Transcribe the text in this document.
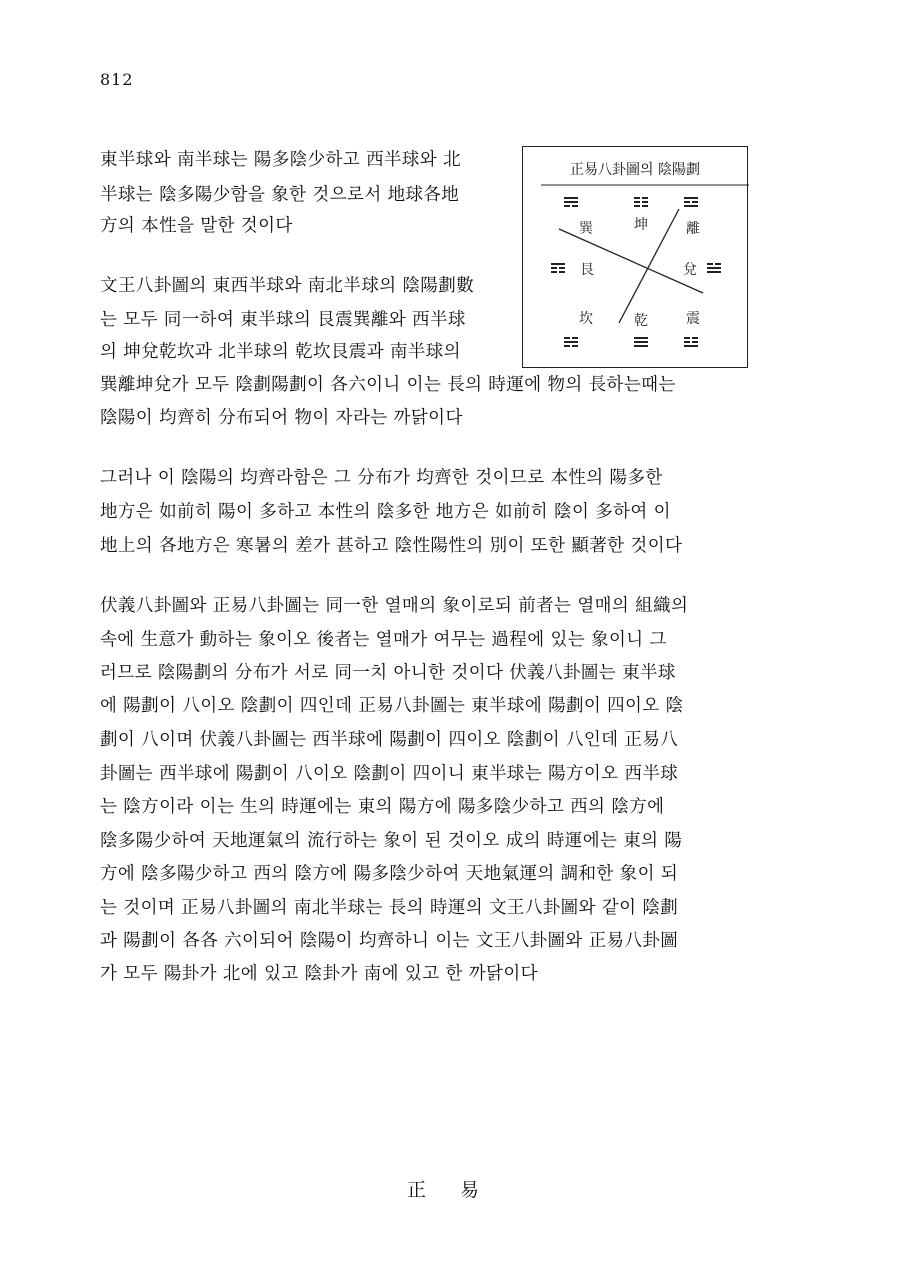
812
東半球와 南半球는 陽多陰少하고 西半球와 北
半球는 陰多陽少함을 象한 것으로서 地球各地
方의 本性을 말한 것이다
文王八卦圖의 東西半球와 南北半球의 陰陽劃數
는 모두 同一하여 東半球의 艮震巽離와 西半球
의 坤兌乾坎과 北半球의 乾坎艮震과 南半球의
巽離坤兌가 모두 陰劃陽劃이 各六이니 이는 長의 時運에 物의 長하는때는
陰陽이 均齊히 分布되어 物이 자라는 까닭이다
그러나 이 陰陽의 均齊라함은 그 分布가 均齊한 것이므로 本性의 陽多한
地方은 如前히 陽이 多하고 本性의 陰多한 地方은 如前히 陰이 多하여 이
地上의 各地方은 寒暑의 差가 甚하고 陰性陽性의 別이 또한 顯著한 것이다
伏義八卦圖와 正易八卦圖는 同一한 열매의 象이로되 前者는 열매의 組織의
속에 生意가 動하는 象이오 後者는 열매가 여무는 過程에 있는 象이니 그
러므로 陰陽劃의 分布가 서로 同一치 아니한 것이다 伏義八卦圖는 東半球
에 陽劃이 八이오 陰劃이 四인데 正易八卦圖는 東半球에 陽劃이 四이오 陰
劃이 八이며 伏義八卦圖는 西半球에 陽劃이 四이오 陰劃이 八인데 正易八
卦圖는 西半球에 陽劃이 八이오 陰劃이 四이니 東半球는 陽方이오 西半球
는 陰方이라 이는 生의 時運에는 東의 陽方에 陽多陰少하고 西의 陰方에
陰多陽少하여 天地運氣의 流行하는 象이 된 것이오 成의 時運에는 東의 陽
方에 陰多陽少하고 西의 陰方에 陽多陰少하여 天地氣運의 調和한 象이 되
는 것이며 正易八卦圖의 南北半球는 長의 時運의 文王八卦圖와 같이 陰劃
과 陽劃이 各各 六이되어 陰陽이 均齊하니 이는 文王八卦圖와 正易八卦圖
가 모두 陽卦가 北에 있고 陰卦가 南에 있고 한 까닭이다
正易八卦圖의 陰陽劃
巽	坤	離
艮	兌
坎	乾	震
正 易
